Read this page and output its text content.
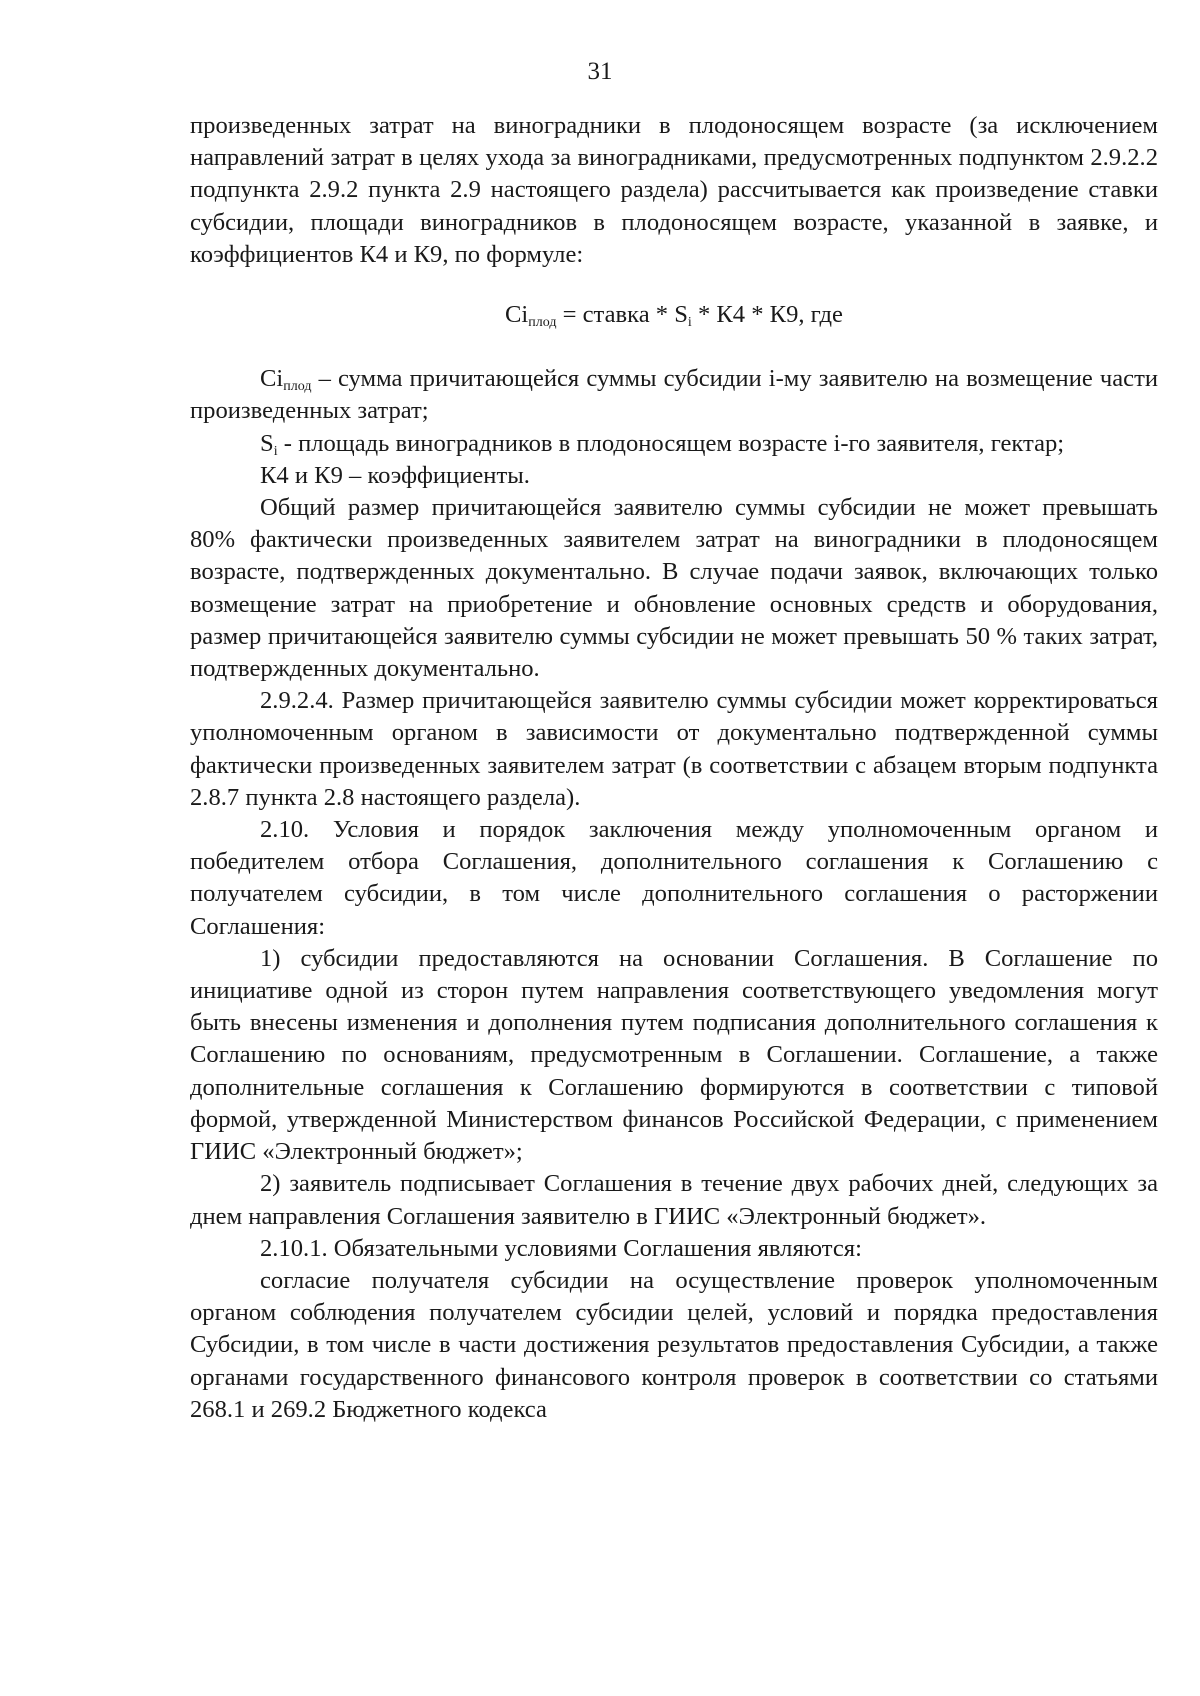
31

произведенных затрат на виноградники в плодоносящем возрасте (за исключением направлений затрат в целях ухода за виноградниками, предусмотренных подпунктом 2.9.2.2 подпункта 2.9.2 пункта 2.9 настоящего раздела) рассчитывается как произведение ставки субсидии, площади виноградников в плодоносящем возрасте, указанной в заявке, и коэффициентов К4 и К9, по формуле:

$Сi_{плод}$ = ставка * $S_i * К4 * К9$, где

$Сi_{плод}$ – сумма причитающейся суммы субсидии i-му заявителю на возмещение части произведенных затрат;

$S_i$ - площадь виноградников в плодоносящем возрасте i-го заявителя, гектар;

К4 и К9 – коэффициенты.

Общий размер причитающейся заявителю суммы субсидии не может превышать 80% фактически произведенных заявителем затрат на виноградники в плодоносящем возрасте, подтвержденных документально. В случае подачи заявок, включающих только возмещение затрат на приобретение и обновление основных средств и оборудования, размер причитающейся заявителю суммы субсидии не может превышать 50 % таких затрат, подтвержденных документально.

2.9.2.4. Размер причитающейся заявителю суммы субсидии может корректироваться уполномоченным органом в зависимости от документально подтвержденной суммы фактически произведенных заявителем затрат (в соответствии с абзацем вторым подпункта 2.8.7 пункта 2.8 настоящего раздела).

2.10. Условия и порядок заключения между уполномоченным органом и победителем отбора Соглашения, дополнительного соглашения к Соглашению с получателем субсидии, в том числе дополнительного соглашения о расторжении Соглашения:

1) субсидии предоставляются на основании Соглашения. В Соглашение по инициативе одной из сторон путем направления соответствующего уведомления могут быть внесены изменения и дополнения путем подписания дополнительного соглашения к Соглашению по основаниям, предусмотренным в Соглашении. Соглашение, а также дополнительные соглашения к Соглашению формируются в соответствии с типовой формой, утвержденной Министерством финансов Российской Федерации, с применением ГИИС «Электронный бюджет»;

2) заявитель подписывает Соглашения в течение двух рабочих дней, следующих за днем направления Соглашения заявителю в ГИИС «Электронный бюджет».

2.10.1. Обязательными условиями Соглашения являются:

согласие получателя субсидии на осуществление проверок уполномоченным органом соблюдения получателем субсидии целей, условий и порядка предоставления Субсидии, в том числе в части достижения результатов предоставления Субсидии, а также органами государственного финансового контроля проверок в соответствии со статьями 268.1 и 269.2 Бюджетного кодекса
